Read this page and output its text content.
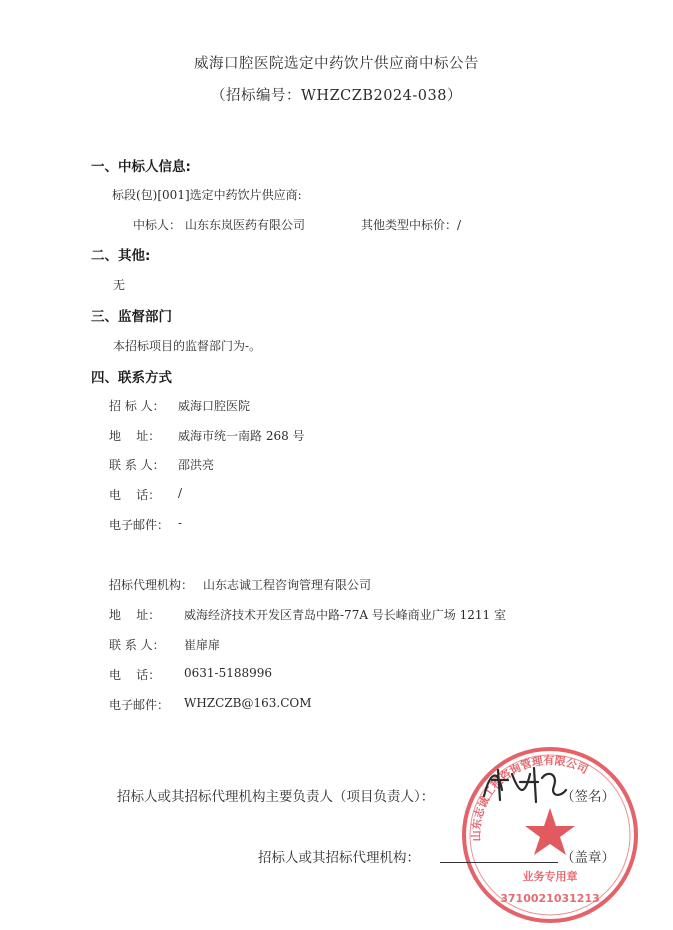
威海口腔医院选定中药饮片供应商中标公告
（招标编号：WHZCZB2024-038）
一、中标人信息:
标段(包)[001]选定中药饮片供应商:
中标人： 山东东岚医药有限公司	其他类型中标价：/
二、其他:
无
三、监督部门
本招标项目的监督部门为-。
四、联系方式
招 标 人： 威海口腔医院
地    址： 威海市统一南路 268 号
联 系 人： 邵洪亮
电    话： /
电子邮件： -
招标代理机构： 山东志诚工程咨询管理有限公司
地    址： 威海经济技术开发区青岛中路-77A 号长峰商业广场 1211 室
联 系 人： 崔扉扉
电    话： 0631-5188996
电子邮件： WHZCZB@163.COM
山东志诚工程咨询管理有限公司
业务专用章
3710021031213
招标人或其招标代理机构主要负责人（项目负责人）：	（签名）
招标人或其招标代理机构：	（盖章）
